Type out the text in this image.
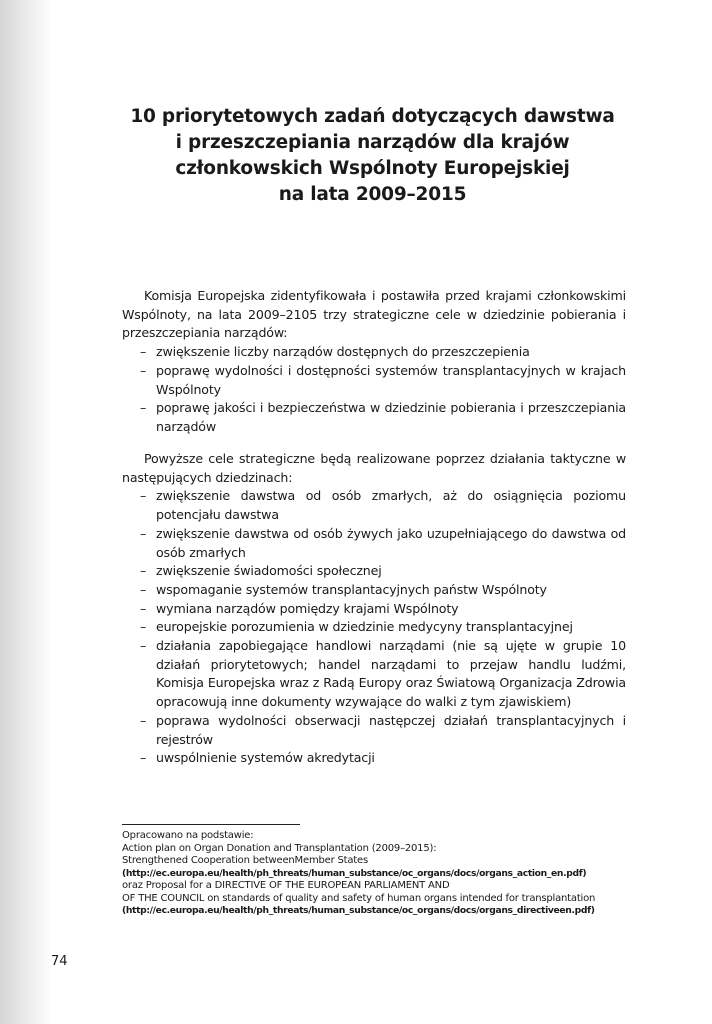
10 priorytetowych zadań dotyczących dawstwa
i przeszczepiania narządów dla krajów
członkowskich Wspólnoty Europejskiej
na lata 2009–2015
Komisja Europejska zidentyfikowała i postawiła przed krajami członkowskimi Wspólnoty, na lata 2009–2105 trzy strategiczne cele w dziedzinie pobierania i przeszczepiania narządów:
– zwiększenie liczby narządów dostępnych do przeszczepienia
– poprawę wydolności i dostępności systemów transplantacyjnych w krajach Wspólnoty
– poprawę jakości i bezpieczeństwa w dziedzinie pobierania i przeszczepiania narządów
Powyższe cele strategiczne będą realizowane poprzez działania taktyczne w następujących dziedzinach:
– zwiększenie dawstwa od osób zmarłych, aż do osiągnięcia poziomu potencjału dawstwa
– zwiększenie dawstwa od osób żywych jako uzupełniającego do dawstwa od osób zmarłych
– zwiększenie świadomości społecznej
– wspomaganie systemów transplantacyjnych państw Wspólnoty
– wymiana narządów pomiędzy krajami Wspólnoty
– europejskie porozumienia w dziedzinie medycyny transplantacyjnej
– działania zapobiegające handlowi narządami (nie są ujęte w grupie 10 działań priorytetowych; handel narządami to przejaw handlu ludźmi, Komisja Europejska wraz z Radą Europy oraz Światową Organizacja Zdrowia opracowują inne dokumenty wzywające do walki z tym zjawiskiem)
– poprawa wydolności obserwacji następczej działań transplantacyjnych i rejestrów
– uwspólnienie systemów akredytacji
Opracowano na podstawie:
Action plan on Organ Donation and Transplantation (2009–2015):
Strengthened Cooperation betweenMember States
(http://ec.europa.eu/health/ph_threats/human_substance/oc_organs/docs/organs_action_en.pdf)
oraz Proposal for a DIRECTIVE OF THE EUROPEAN PARLIAMENT AND
OF THE COUNCIL on standards of quality and safety of human organs intended for transplantation
(http://ec.europa.eu/health/ph_threats/human_substance/oc_organs/docs/organs_directiveen.pdf)
74
